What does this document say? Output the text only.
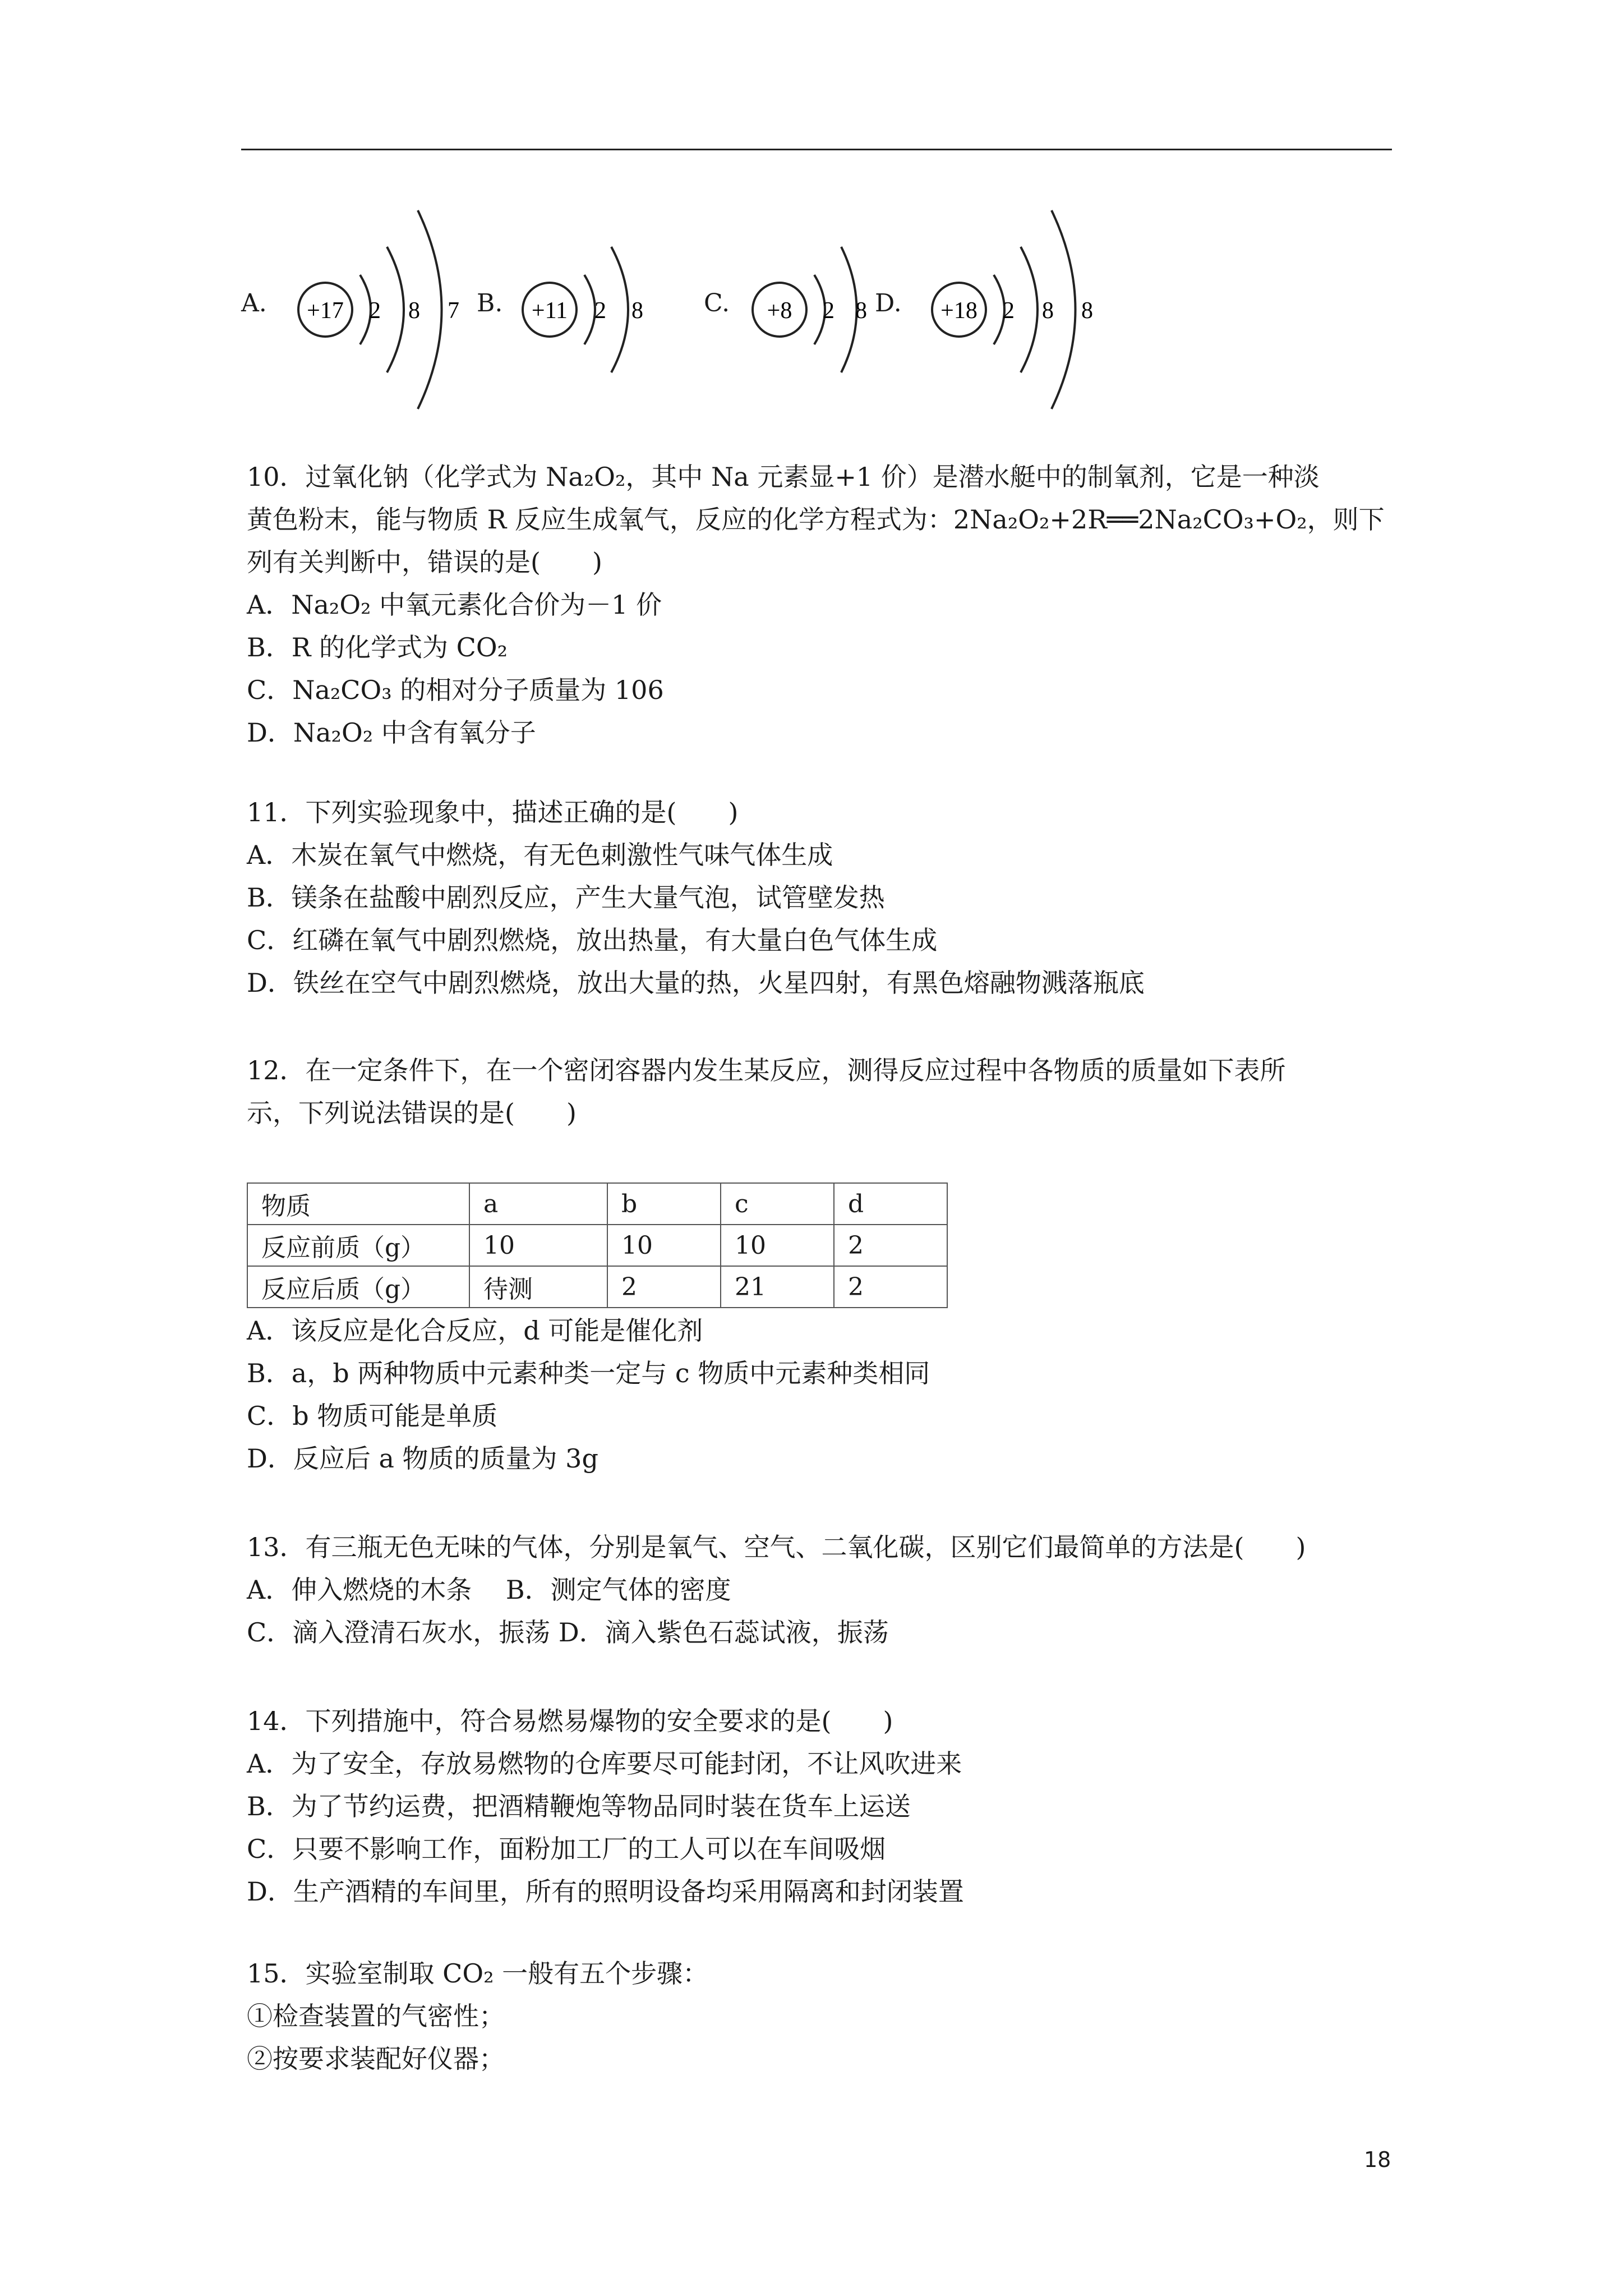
A. +17 2 8 7 B. +11 2 8 C. +8 2 8 D. +18 2 8 8
10．过氧化钠（化学式为 Na₂O₂，其中 Na 元素显+1 价）是潜水艇中的制氧剂，它是一种淡
黄色粉末，能与物质 R 反应生成氧气，反应的化学方程式为：2Na₂O₂+2R══2Na₂CO₃+O₂，则下
列有关判断中，错误的是(　　)
A．Na₂O₂ 中氧元素化合价为－1 价
B．R 的化学式为 CO₂
C．Na₂CO₃ 的相对分子质量为 106
D．Na₂O₂ 中含有氧分子
11．下列实验现象中，描述正确的是(　　)
A．木炭在氧气中燃烧，有无色刺激性气味气体生成
B．镁条在盐酸中剧烈反应，产生大量气泡，试管壁发热
C．红磷在氧气中剧烈燃烧，放出热量，有大量白色气体生成
D．铁丝在空气中剧烈燃烧，放出大量的热，火星四射，有黑色熔融物溅落瓶底
12．在一定条件下，在一个密闭容器内发生某反应，测得反应过程中各物质的质量如下表所
示，下列说法错误的是(　　)
物质	a	b	c	d
反应前质（g）	10	10	10	2
反应后质（g）	待测	2	21	2
A．该反应是化合反应，d 可能是催化剂
B．a，b 两种物质中元素种类一定与 c 物质中元素种类相同
C．b 物质可能是单质
D．反应后 a 物质的质量为 3g
13．有三瓶无色无味的气体，分别是氧气、空气、二氧化碳，区别它们最简单的方法是(　　)
A．伸入燃烧的木条　 B．测定气体的密度
C．滴入澄清石灰水，振荡 D．滴入紫色石蕊试液，振荡
14．下列措施中，符合易燃易爆物的安全要求的是(　　)
A．为了安全，存放易燃物的仓库要尽可能封闭，不让风吹进来
B．为了节约运费，把酒精鞭炮等物品同时装在货车上运送
C．只要不影响工作，面粉加工厂的工人可以在车间吸烟
D．生产酒精的车间里，所有的照明设备均采用隔离和封闭装置
15．实验室制取 CO₂ 一般有五个步骤：
①检查装置的气密性；
②按要求装配好仪器；
18
